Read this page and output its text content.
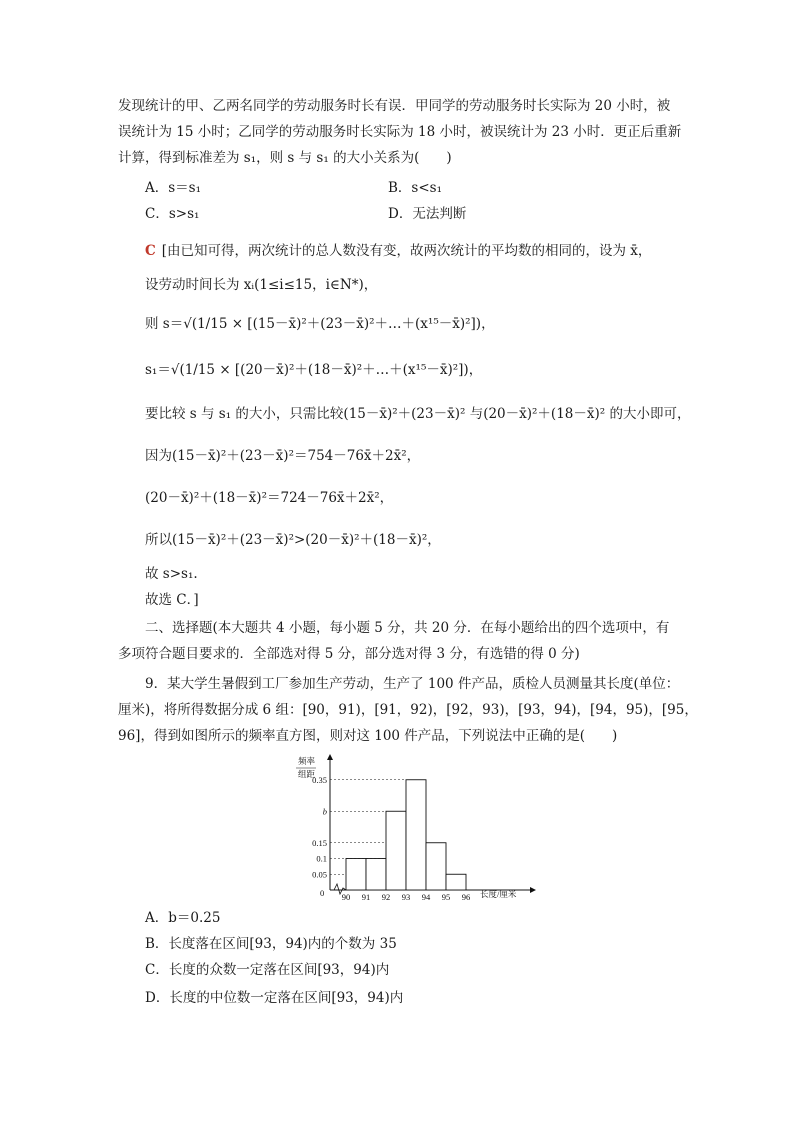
发现统计的甲、乙两名同学的劳动服务时长有误．甲同学的劳动服务时长实际为 20 小时，被
误统计为 15 小时；乙同学的劳动服务时长实际为 18 小时，被误统计为 23 小时．更正后重新
计算，得到标准差为 s₁，则 s 与 s₁ 的大小关系为(　　)
A．s＝s₁	B．s<s₁
C．s>s₁	D．无法判断
C [由已知可得，两次统计的总人数没有变，故两次统计的平均数的相同的，设为 x̄，
设劳动时间长为 xᵢ(1≤i≤15，i∈N*)，
则 s＝√(1/15 × [(15－x̄)²＋(23－x̄)²＋…＋(x¹⁵－x̄)²])，
s₁＝√(1/15 × [(20－x̄)²＋(18－x̄)²＋…＋(x¹⁵－x̄)²])，
要比较 s 与 s₁ 的大小，只需比较(15－x̄)²＋(23－x̄)² 与(20－x̄)²＋(18－x̄)² 的大小即可，
因为(15－x̄)²＋(23－x̄)²＝754－76x̄＋2x̄²，
(20－x̄)²＋(18－x̄)²＝724－76x̄＋2x̄²，
所以(15－x̄)²＋(23－x̄)²>(20－x̄)²＋(18－x̄)²，
故 s>s₁.
故选 C．]
二、选择题(本大题共 4 小题，每小题 5 分，共 20 分．在每小题给出的四个选项中，有
多项符合题目要求的．全部选对得 5 分，部分选对得 3 分，有选错的得 0 分)
9．某大学生暑假到工厂参加生产劳动，生产了 100 件产品，质检人员测量其长度(单位：
厘米)，将所得数据分成 6 组：[90，91)，[91，92)，[92，93)，[93，94)，[94，95)，[95，
96]，得到如图所示的频率直方图，则对这 100 件产品，下列说法中正确的是(　　)
频率
组距
0	长度/厘米
0.35
b
0.15
0.1
0.05
90 91 92 93 94 95 96
A．b＝0.25
B．长度落在区间[93，94)内的个数为 35
C．长度的众数一定落在区间[93，94)内
D．长度的中位数一定落在区间[93，94)内
